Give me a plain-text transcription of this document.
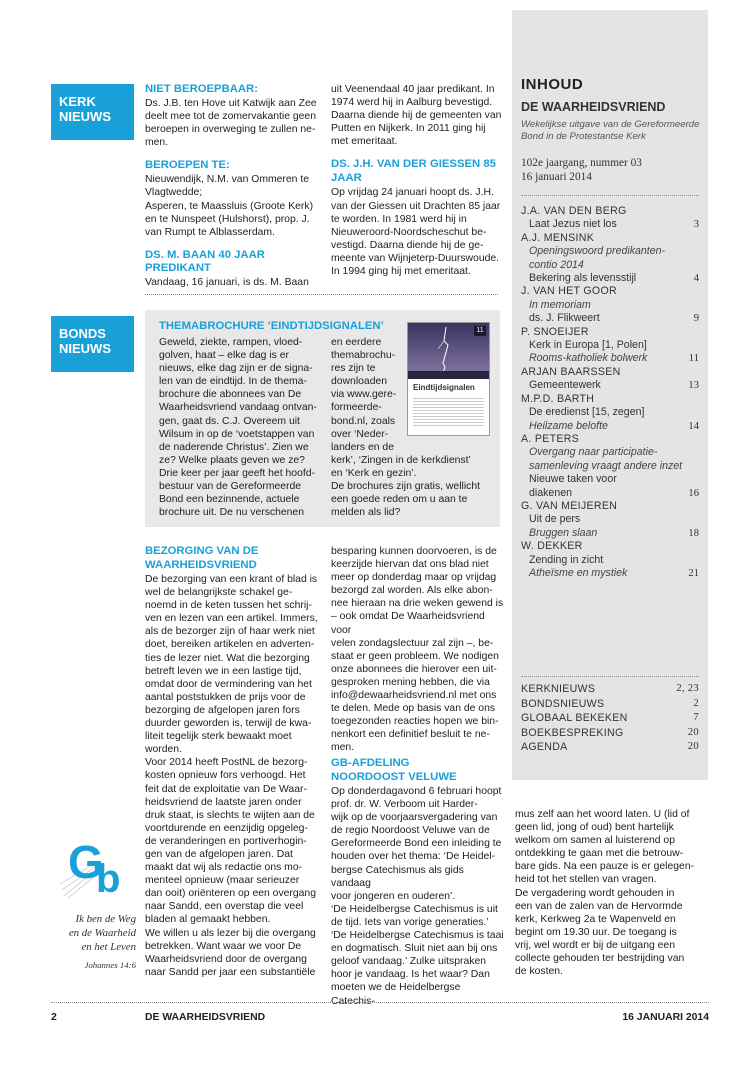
KERK
NIEUWS
NIET BEROEPBAAR:

Ds. J.B. ten Hove uit Katwijk aan Zee

deelt mee tot de zomervakantie geen

beroepen in overweging te zullen ne-

men.

BEROEPEN TE:

Nieuwendijk, N.M. van Ommeren te

Vlagtwedde;

Asperen, te Maassluis (Groote Kerk)

en te Nunspeet (Hulshorst), prop. J.

van Rumpt te Alblasserdam.

DS. M. BAAN 40 JAAR PREDIKANT

Vandaag, 16 januari, is ds. M. Baan

uit Veenendaal 40 jaar predikant. In

1974 werd hij in Aalburg bevestigd.

Daarna diende hij de gemeenten van

Putten en Nijkerk. In 2011 ging hij

met emeritaat.

DS. J.H. VAN DER GIESSEN 85
JAAR

Op vrijdag 24 januari hoopt ds. J.H.

van der Giessen uit Drachten 85 jaar

te worden. In 1981 werd hij in

Nieuweroord-Noordscheschut be-

vestigd. Daarna diende hij de ge-

meente van Wijnjeterp-Duurswoude.

In 1994 ging hij met emeritaat.

BONDS
NIEUWS
THEMABROCHURE ‘EINDTIJDSIGNALEN’

Geweld, ziekte, rampen, vloed-

golven, haat – elke dag is er

nieuws, elke dag zijn er de signa-

len van de eindtijd. In de thema-

brochure die abonnees van De

Waarheidsvriend vandaag ontvan-

gen, gaat ds. C.J. Overeem uit

Wilsum in op de ‘voetstappen van

de naderende Christus’. Zien we

ze? Welke plaats geven we ze?

Drie keer per jaar geeft het hoofd-

bestuur van de Gereformeerde

Bond een bezinnende, actuele

brochure uit. De nu verschenen

en eerdere

themabrochu-

res zijn te

downloaden

via www.gere-

formeerde-

bond.nl, zoals

over ‘Neder-

landers en de

kerk’, ‘Zingen in de kerkdienst’

en ‘Kerk en gezin’.

De brochures zijn gratis, wellicht

een goede reden om u aan te

melden als lid?

11
Eindtijdsignalen
BEZORGING VAN DE
WAARHEIDSVRIEND

De bezorging van een krant of blad is

wel de belangrijkste schakel ge-

noemd in de keten tussen het schrij-

ven en lezen van een artikel. Immers,

als de bezorger zijn of haar werk niet

doet, bereiken artikelen en adverten-

ties de lezer niet. Wat die bezorging

betreft leven we in een lastige tijd,

omdat door de vermindering van het

aantal poststukken de prijs voor de

bezorging de afgelopen jaren fors

duurder geworden is, terwijl de kwa-

liteit tegelijk sterk bewaakt moet

worden.

Voor 2014 heeft PostNL de bezorg-

kosten opnieuw fors verhoogd. Het

feit dat de exploitatie van De Waar-

heidsvriend de laatste jaren onder

druk staat, is slechts te wijten aan de

voortdurende en eenzijdig opgeleg-

de veranderingen en portiverhogin-

gen van de afgelopen jaren. Dat

maakt dat wij als redactie ons mo-

menteel opnieuw (maar serieuzer

dan ooit) oriënteren op een overgang

naar Sandd, een overstap die veel

bladen al gemaakt hebben.

We willen u als lezer bij die overgang

betrekken. Want waar we voor De

Waarheidsvriend door de overgang

naar Sandd per jaar een substantiële

besparing kunnen doorvoeren, is de

keerzijde hiervan dat ons blad niet

meer op donderdag maar op vrijdag

bezorgd zal worden. Als elke abon-

nee hieraan na drie weken gewend is

– ook omdat De Waarheidsvriend voor

velen zondagslectuur zal zijn –, be-

staat er geen probleem. We nodigen

onze abonnees die hierover een uit-

gesproken mening hebben, die via

info@dewaarheidsvriend.nl met ons

te delen. Mede op basis van de ons

toegezonden reacties hopen we bin-

nenkort een definitief besluit te ne-

men.

GB-AFDELING
NOORDOOST VELUWE

Op donderdagavond 6 februari hoopt

prof. dr. W. Verboom uit Harder-

wijk op de voorjaarsvergadering van

de regio Noordoost Veluwe van de

Gereformeerde Bond een inleiding te

houden over het thema: ‘De Heidel-

bergse Catechismus als gids vandaag

voor jongeren en ouderen’.

‘De Heidelbergse Catechismus is uit

de tijd. Iets van vorige generaties.’

‘De Heidelbergse Catechismus is taai

en dogmatisch. Sluit niet aan bij ons

geloof vandaag.’ Zulke uitspraken

hoor je vandaag. Is het waar? Dan

moeten we de Heidelbergse Catechis-

mus zelf aan het woord laten. U (lid of

geen lid, jong of oud) bent hartelijk

welkom om samen al luisterend op

ontdekking te gaan met die betrouw-

bare gids. Na een pauze is er gelegen-

heid tot het stellen van vragen.

De vergadering wordt gehouden in

een van de zalen van de Hervormde

kerk, Kerkweg 2a te Wapenveld en

begint om 19.30 uur. De toegang is

vrij, wel wordt er bij de uitgang een

collecte gehouden ter bestrijding van

de kosten.

G
b
Ik ben de Weg
en de Waarheid
en het Leven
Johannes 14:6
INHOUD
DE WAARHEIDSVRIEND
Wekelijkse uitgave van de Gereformeerde
Bond in de Protestantse Kerk
102e jaargang, nummer 03
16 januari 2014
J.A. VAN DEN BERG
Laat Jezus niet los	3
A.J. MENSINK
Openingswoord predikanten-
contio 2014
Bekering als levensstijl	4
J. VAN HET GOOR
In memoriam
ds. J. Flikweert	9
P. SNOEIJER
Kerk in Europa [1, Polen]
Rooms-katholiek bolwerk	11
ARJAN BAARSSEN
Gemeentewerk	13
M.P.D. BARTH
De eredienst [15, zegen]
Heilzame belofte	14
A. PETERS
Overgang naar participatie-
samenleving vraagt andere inzet
Nieuwe taken voor
diakenen	16
G. VAN MEIJEREN
Uit de pers
Bruggen slaan	18
W. DEKKER
Zending in zicht
Atheïsme en mystiek	21
KERKNIEUWS	2, 23
BONDSNIEUWS	2
GLOBAAL BEKEKEN	7
BOEKBESPREKING	20
AGENDA	20
2	DE WAARHEIDSVRIEND	16 JANUARI 2014
